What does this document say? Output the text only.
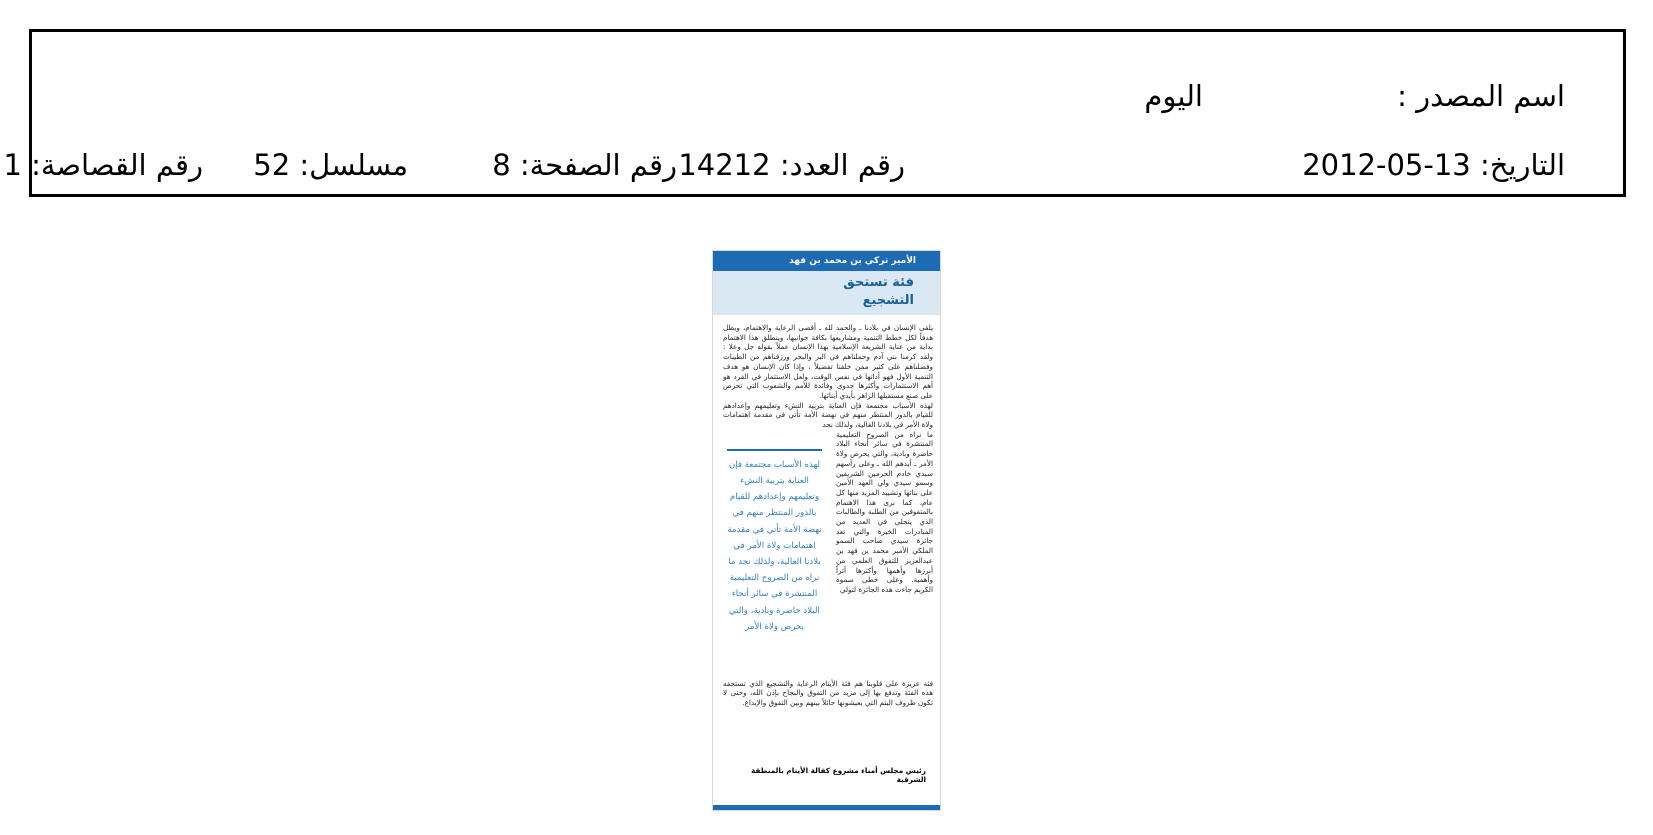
اسم المصدر :
اليوم
التاريخ: 2012-05-13
رقم العدد: 14212
رقم الصفحة: 8
مسلسل: 52
رقم القصاصة: 1
الأمير تركي بن محمد بن فهد
فئة تستحق التشجيع

يلقى الإنسان في بلادنا ـ والحمد لله ـ أقصى الرعاية والاهتمام، ويظل هدفاً لكل خطط التنمية ومشاريعها بكافة جوانبها، وينطلق هذا الاهتمام بداية من عناية الشريعة الإسلامية بهذا الإنسان عملاً بقوله جل وعلا : ولقد كرمنا بني آدم وحملناهم في البر والبحر ورزقناهم من الطيبات وفضلناهم على كثير ممن خلقنا تفضيلاً ، وإذا كان الإنسان هو هدف التنمية الأول فهو أداتها في نفس الوقت، ولعل الاستثمار في الفرد هو أهم الاستثمارات وأكثرها جدوى وفائدة للأمم والشعوب التي تحرص على صنع مستقبلها الزاهر بأيدي أبنائها.

لهذه الأسباب مجتمعة فإن العناية بتربية النشء وتعليمهم وإعدادهم للقيام بالدور المنتظر منهم في نهضة الأمة تأتي في مقدمة اهتمامات ولاة الأمر في بلادنا الغالية، ولذلك نجد

ما نراه من الصروح التعليمية المنتشرة في سائر أنحاء البلاد حاضرة وبادية، والتي يحرص ولاة الأمر ـ أيدهم الله ـ وعلى رأسهم سيدي خادم الحرمين الشريفين وسمو سيدي ولي العهد الأمين على بنائها وتشييد المزيد منها كل عام، كما نرى هذا الاهتمام بالمتفوقين من الطلبة والطالبات الذي يتجلى في العديد من المبادرات الخيرة والتي تعد جائزة سيدي صاحب السمو الملكي الأمير محمد بن فهد بن عبدالعزيز للتفوق العلمي من أبرزها وأهمها وأكثرها أثراً وأهمية. وعلى خطى سموه الكريم جاءت هذه الجائزة لتولي
لهذه الأسباب مجتمعة فإن العناية بتربية النشء وتعليمهم وإعدادهم للقيام بالدور المنتظر منهم في نهضة الأمة تأتي في مقدمة اهتمامات ولاة الأمر في بلادنا الغالية، ولذلك نجد ما نراه من الصروح التعليمية المنتشرة في سائر أنحاء البلاد حاضرة وبادية، والتي يحرص ولاة الأمر

فئة عزيزة على قلوبنا هم فئة الأيتام الرعاية والتشجيع الذي تستحقه هذه الفئة وتدفع بها إلى مزيد من التفوق والنجاح بإذن الله، وحتى لا تكون ظروف اليتم التي يعيشونها حائلاً بينهم وبين التفوق والإبداع.

رئيس مجلس أمناء مشروع كفالة الأيتام بالمنطقة الشرقية
